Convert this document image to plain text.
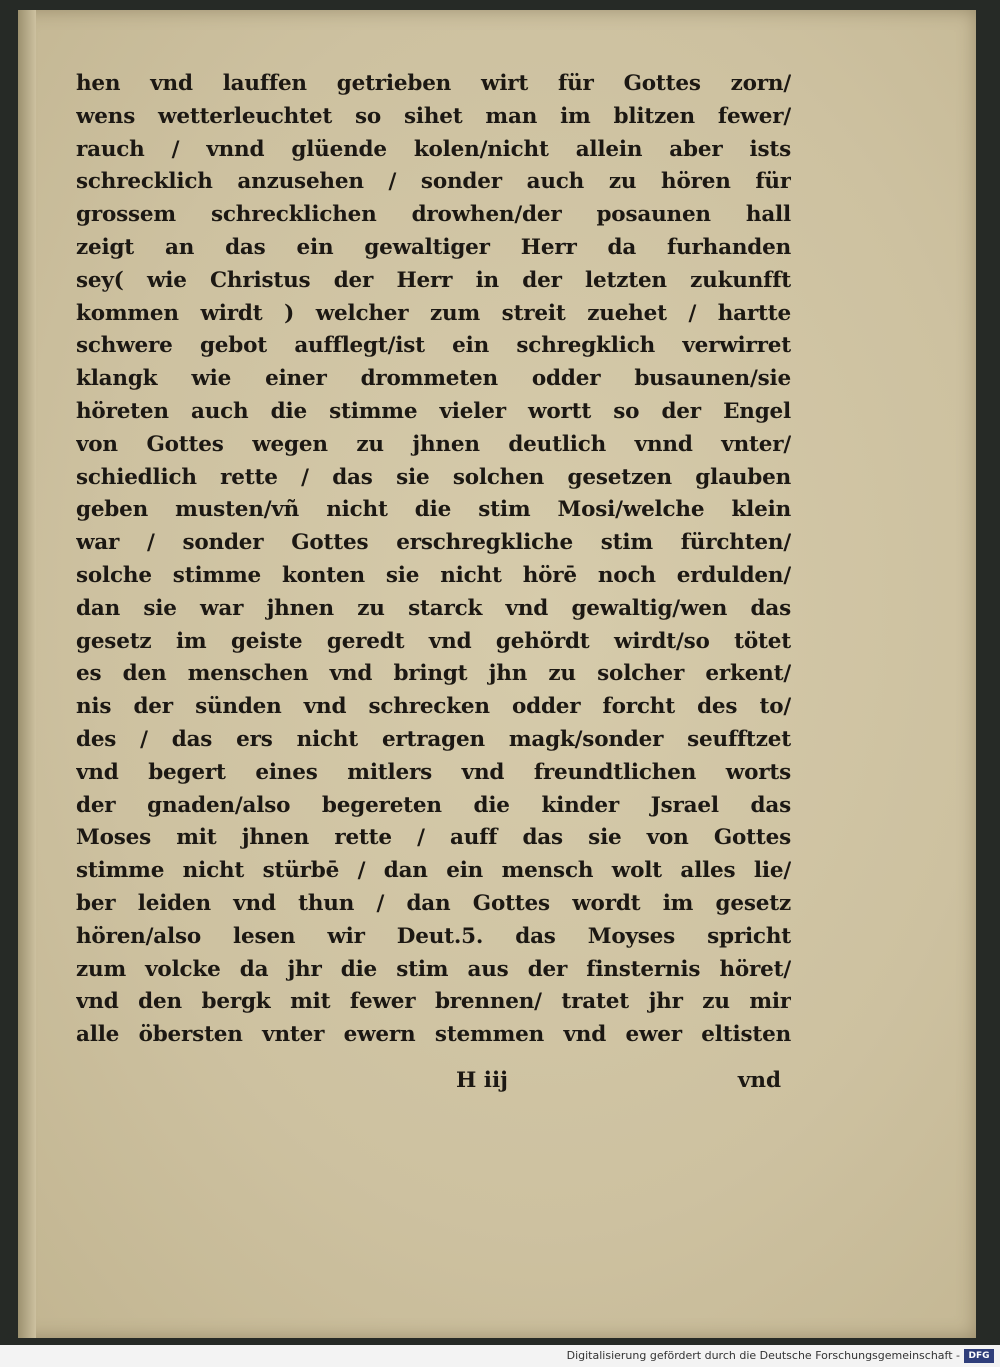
hen vnd lauffen getrieben wirt für Gottes zorn/
wens wetterleuchtet so sihet man im blitzen fewer/
rauch / vnnd glüende kolen/nicht allein aber ists
schrecklich anzusehen / sonder auch zu hören für
grossem schrecklichen drowhen/der posaunen hall
zeigt an das ein gewaltiger Herr da furhanden
sey( wie Christus der Herr in der letzten zukunfft
kommen wirdt ) welcher zum streit zuehet / hartte
schwere gebot aufflegt/ist ein schregklich verwirret
klangk wie einer drommeten odder busaunen/sie
höreten auch die stimme vieler wortt so der Engel
von Gottes wegen zu jhnen deutlich vnnd vnter/
schiedlich rette / das sie solchen gesetzen glauben
geben musten/vñ nicht die stim Mosi/welche klein
war / sonder Gottes erschregkliche stim fürchten/
solche stimme konten sie nicht hörē noch erdulden/
dan sie war jhnen zu starck vnd gewaltig/wen das
gesetz im geiste geredt vnd gehördt wirdt/so tötet
es den menschen vnd bringt jhn zu solcher erkent/
nis der sünden vnd schrecken odder forcht des to/
des / das ers nicht ertragen magk/sonder seufftzet
vnd begert eines mitlers vnd freundtlichen worts
der gnaden/also begereten die kinder Jsrael das
Moses mit jhnen rette / auff das sie von Gottes
stimme nicht stürbē / dan ein mensch wolt alles lie/
ber leiden vnd thun / dan Gottes wordt im gesetz
hören/also lesen wir Deut.5. das Moyses spricht
zum volcke da jhr die stim aus der finsternis höret/
vnd den bergk mit fewer brennen/ tratet jhr zu mir
alle öbersten vnter ewern stemmen vnd ewer eltisten
H iij	vnd
Digitalisierung gefördert durch die Deutsche Forschungsgemeinschaft - DFG
